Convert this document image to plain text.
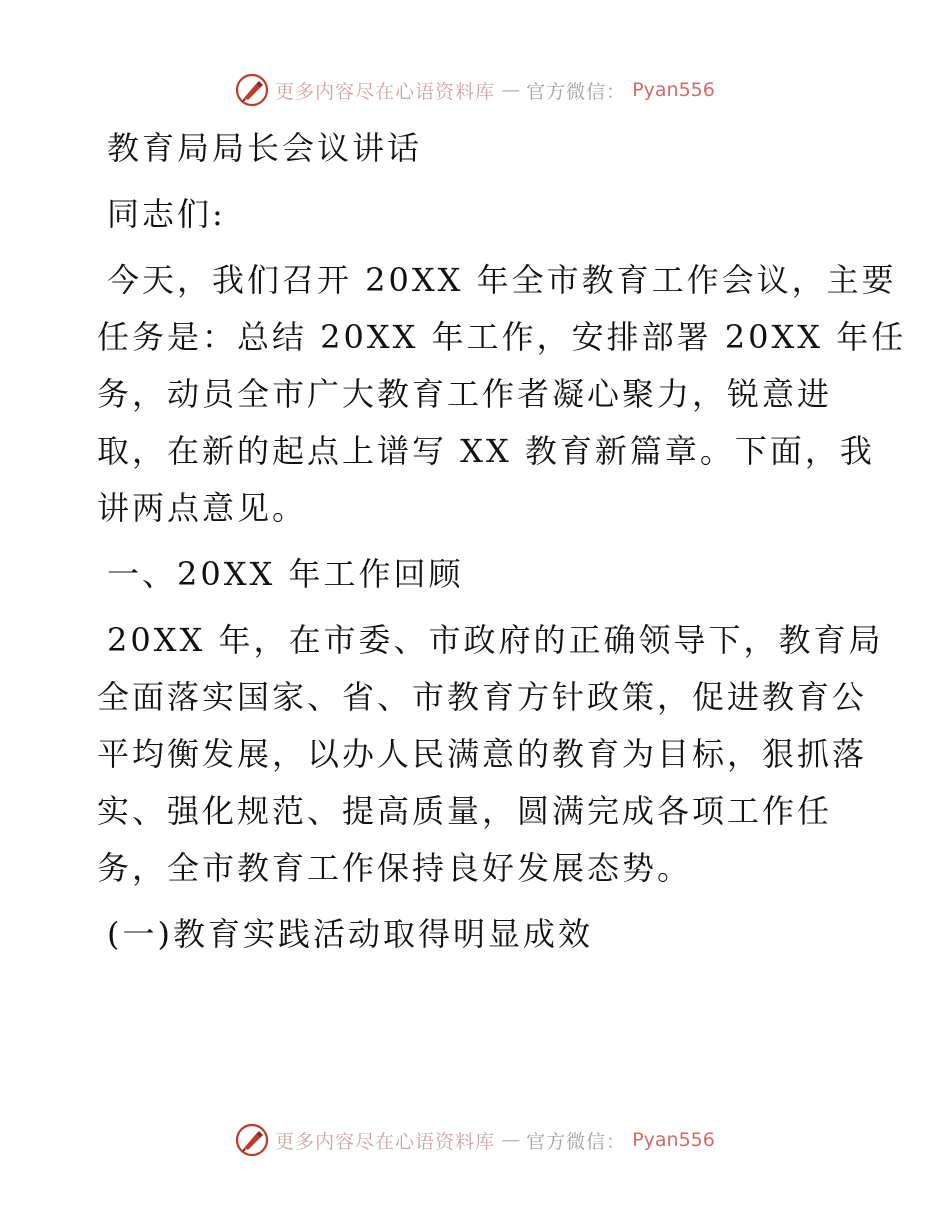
更多内容尽在心语资料库 — 官方微信： Pyan556

教育局局长会议讲话

同志们:

今天，我们召开 20XX 年全市教育工作会议，主要

任务是：总结 20XX 年工作，安排部署 20XX 年任

务，动员全市广大教育工作者凝心聚力，锐意进

取，在新的起点上谱写 XX 教育新篇章。下面，我

讲两点意见。

一、20XX 年工作回顾

20XX 年，在市委、市政府的正确领导下，教育局

全面落实国家、省、市教育方针政策，促进教育公

平均衡发展，以办人民满意的教育为目标，狠抓落

实、强化规范、提高质量，圆满完成各项工作任

务，全市教育工作保持良好发展态势。

(一)教育实践活动取得明显成效

更多内容尽在心语资料库 — 官方微信： Pyan556
